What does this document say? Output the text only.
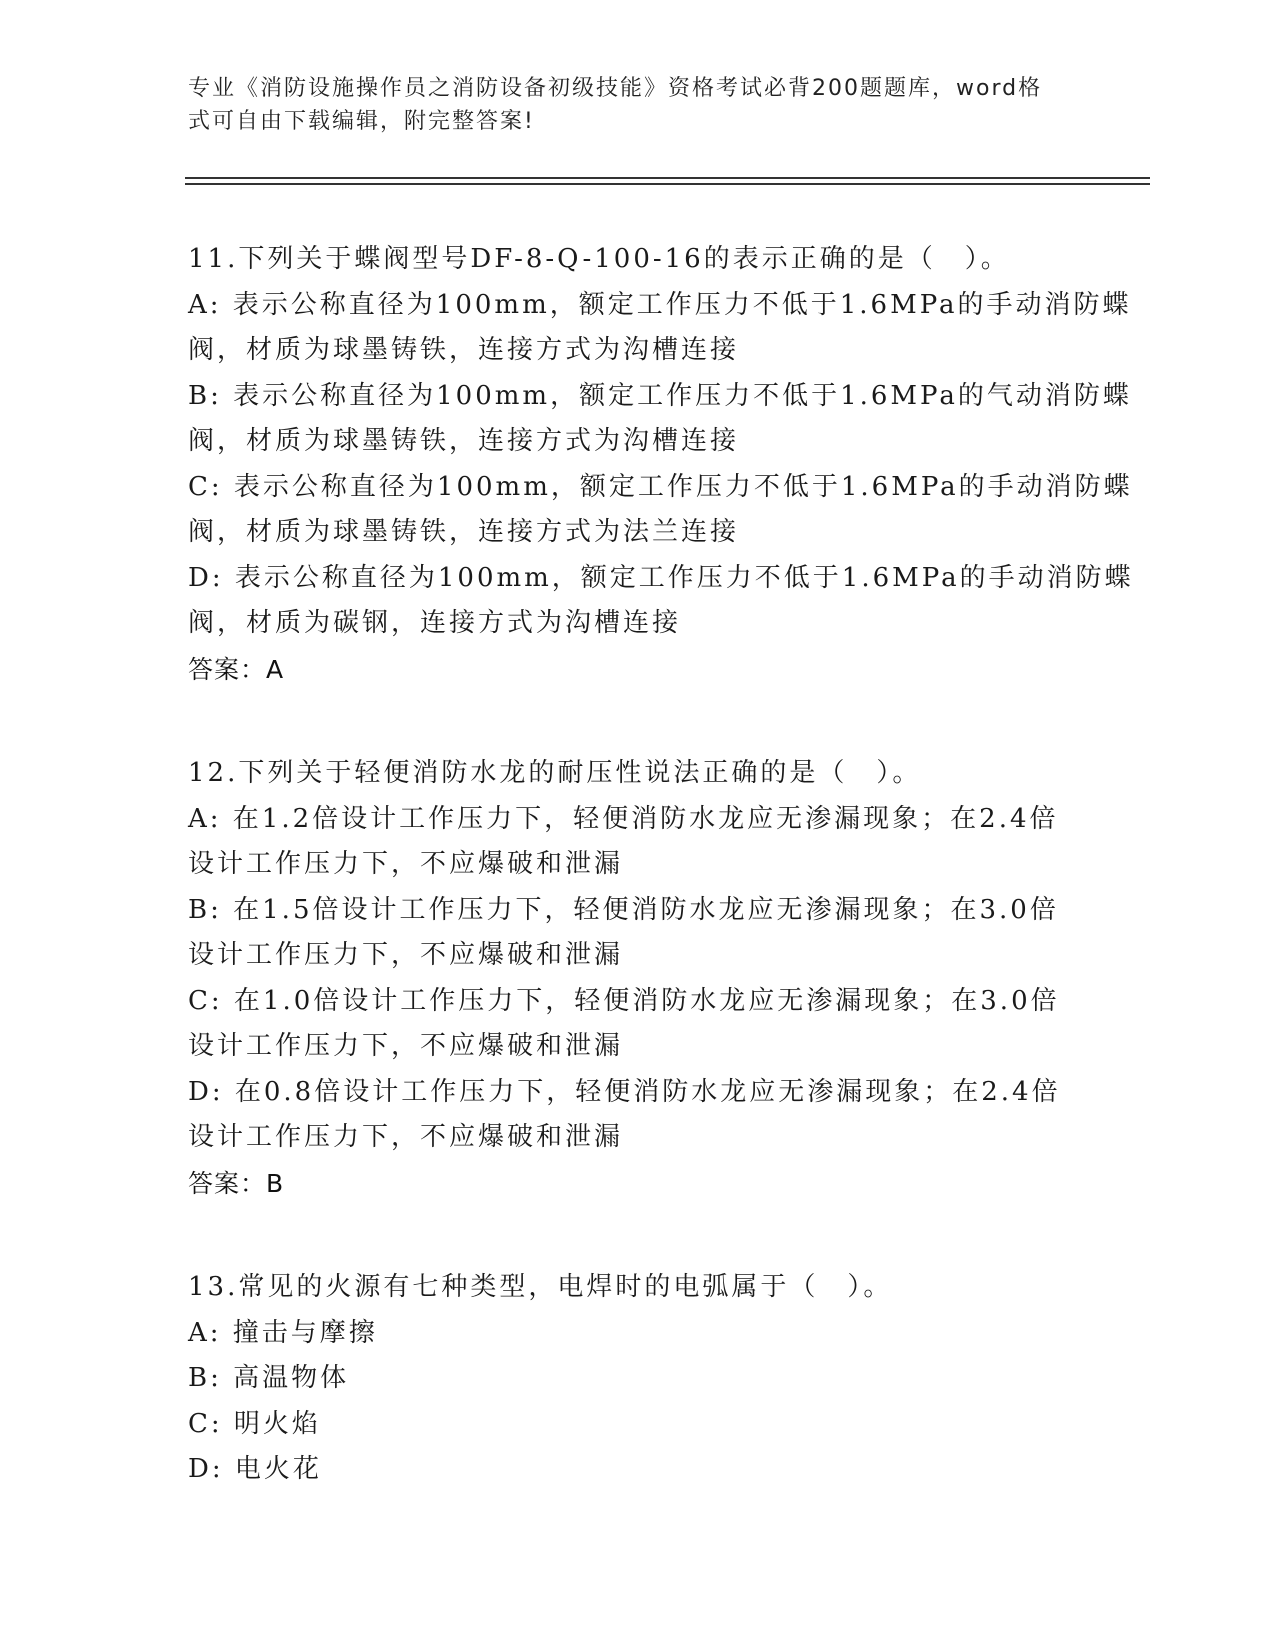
专业《消防设施操作员之消防设备初级技能》资格考试必背200题题库，word格
式可自由下载编辑，附完整答案!
11.下列关于蝶阀型号DF-8-Q-100-16的表示正确的是（　）。
A: 表示公称直径为100mm，额定工作压力不低于1.6MPa的手动消防蝶
阀，材质为球墨铸铁，连接方式为沟槽连接
B: 表示公称直径为100mm，额定工作压力不低于1.6MPa的气动消防蝶
阀，材质为球墨铸铁，连接方式为沟槽连接
C: 表示公称直径为100mm，额定工作压力不低于1.6MPa的手动消防蝶
阀，材质为球墨铸铁，连接方式为法兰连接
D: 表示公称直径为100mm，额定工作压力不低于1.6MPa的手动消防蝶
阀，材质为碳钢，连接方式为沟槽连接
答案：A
12.下列关于轻便消防水龙的耐压性说法正确的是（　）。
A: 在1.2倍设计工作压力下，轻便消防水龙应无渗漏现象；在2.4倍
设计工作压力下，不应爆破和泄漏
B: 在1.5倍设计工作压力下，轻便消防水龙应无渗漏现象；在3.0倍
设计工作压力下，不应爆破和泄漏
C: 在1.0倍设计工作压力下，轻便消防水龙应无渗漏现象；在3.0倍
设计工作压力下，不应爆破和泄漏
D: 在0.8倍设计工作压力下，轻便消防水龙应无渗漏现象；在2.4倍
设计工作压力下，不应爆破和泄漏
答案：B
13.常见的火源有七种类型，电焊时的电弧属于（　）。
A: 撞击与摩擦
B: 高温物体
C: 明火焰
D: 电火花
